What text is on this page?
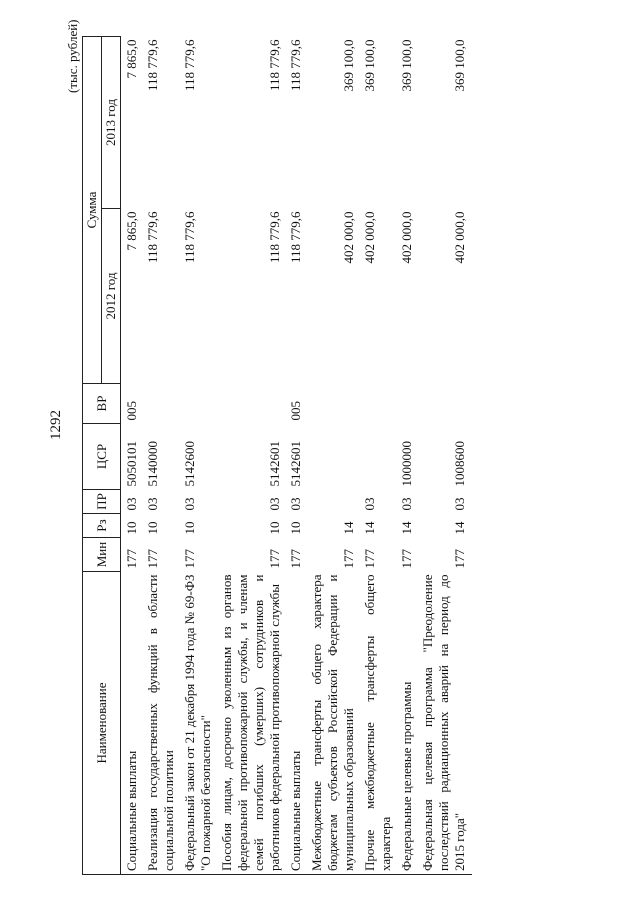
1292
(тыс. рублей)
Наименование	Мин	Рз	ПР	ЦСР	ВР	Сумма	
						2012 год	2013 год
Социальные выплаты	177	10	03	5050101	005	7 865,0	7 865,0
Реализация государственных функций в области социальной политики	177	10	03	5140000		118 779,6	118 779,6
Федеральный закон от 21 декабря 1994 года № 69-ФЗ "О пожарной безопасности"	177	10	03	5142600		118 779,6	118 779,6
Пособия лицам, досрочно уволенным из органов федеральной противопожарной службы, и членам семей погибших (умерших) сотрудников и работников федеральной противопожарной службы	177	10	03	5142601		118 779,6	118 779,6
Социальные выплаты	177	10	03	5142601	005	118 779,6	118 779,6
Межбюджетные трансферты общего характера бюджетам субъектов Российской Федерации и муниципальных образований	177	14				402 000,0	369 100,0
Прочие межбюджетные трансферты общего характера	177	14	03			402 000,0	369 100,0
Федеральные целевые программы	177	14	03	1000000		402 000,0	369 100,0
Федеральная целевая программа "Преодоление последствий радиационных аварий на период до 2015 года"	177	14	03	1008600		402 000,0	369 100,0
